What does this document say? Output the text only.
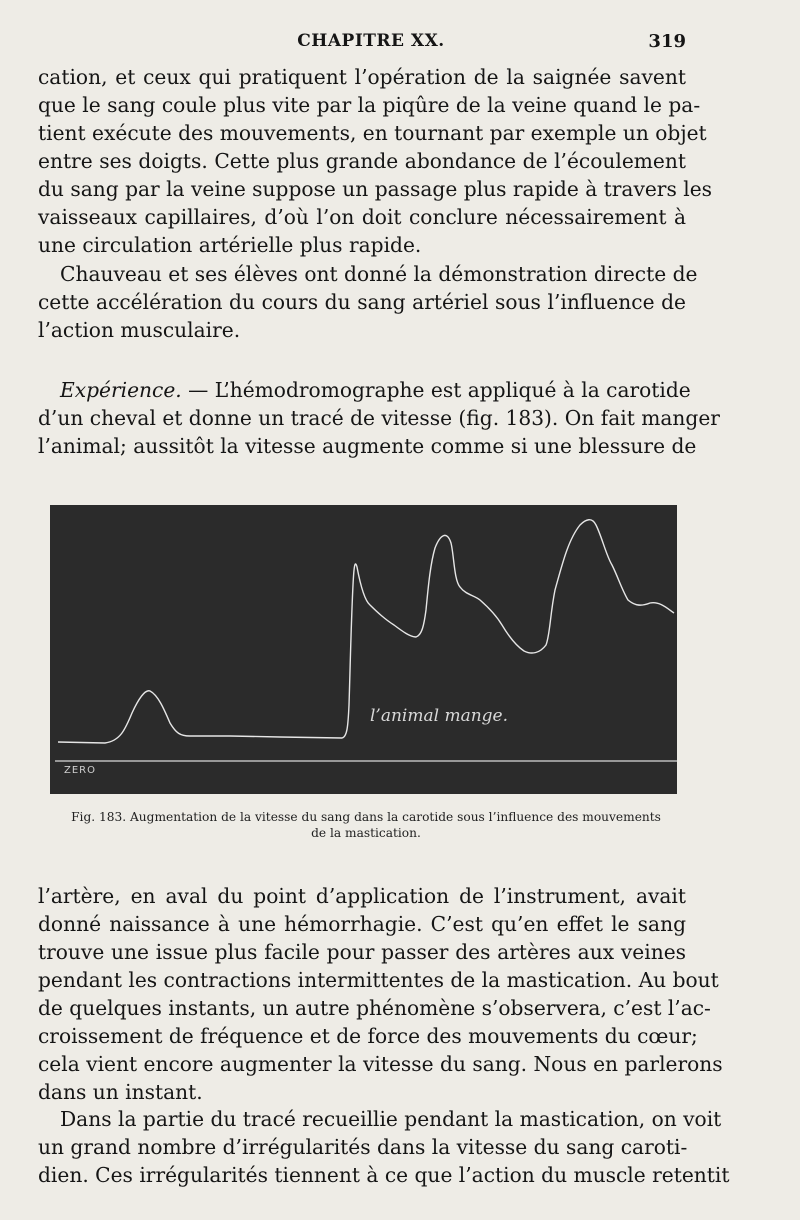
CHAPITRE XX.	319

cation, et ceux qui pratiquent l’opération de la saignée savent
que le sang coule plus vite par la piqûre de la veine quand le pa-
tient exécute des mouvements, en tournant par exemple un objet
entre ses doigts. Cette plus grande abondance de l’écoulement
du sang par la veine suppose un passage plus rapide à travers les
vaisseaux capillaires, d’où l’on doit conclure nécessairement à
une circulation artérielle plus rapide.

Chauveau et ses élèves ont donné la démonstration directe de
cette accélération du cours du sang artériel sous l’influence de
l’action musculaire.

Expérience. — L’hémodromographe est appliqué à la carotide
d’un cheval et donne un tracé de vitesse (fig. 183). On fait manger
l’animal; aussitôt la vitesse augmente comme si une blessure de

ZERO
l’animal mange.
Fig. 183. Augmentation de la vitesse du sang dans la carotide sous l’influence des mouvements
de la mastication.

l’artère, en aval du point d’application de l’instrument, avait
donné naissance à une hémorrhagie. C’est qu’en effet le sang
trouve une issue plus facile pour passer des artères aux veines
pendant les contractions intermittentes de la mastication. Au bout
de quelques instants, un autre phénomène s’observera, c’est l’ac-
croissement de fréquence et de force des mouvements du cœur;
cela vient encore augmenter la vitesse du sang. Nous en parlerons
dans un instant.

Dans la partie du tracé recueillie pendant la mastication, on voit
un grand nombre d’irrégularités dans la vitesse du sang caroti-
dien. Ces irrégularités tiennent à ce que l’action du muscle retentit
